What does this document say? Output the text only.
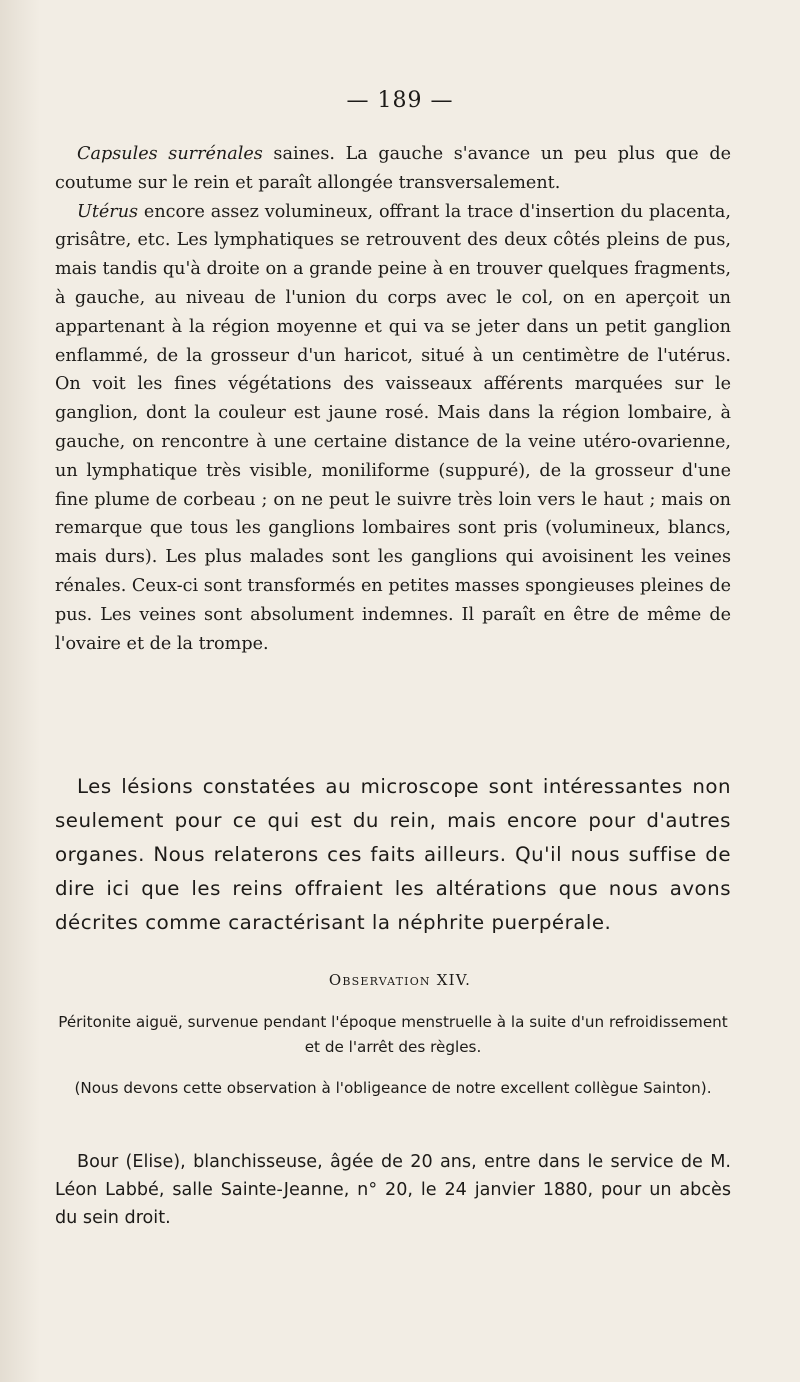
— 189 —

Capsules surrénales saines. La gauche s'avance un peu plus que de coutume sur le rein et paraît allongée transversalement.

Utérus encore assez volumineux, offrant la trace d'insertion du placenta, grisâtre, etc. Les lymphatiques se retrouvent des deux côtés pleins de pus, mais tandis qu'à droite on a grande peine à en trouver quelques fragments, à gauche, au niveau de l'union du corps avec le col, on en aperçoit un appartenant à la région moyenne et qui va se jeter dans un petit ganglion enflammé, de la grosseur d'un haricot, situé à un centimètre de l'utérus. On voit les fines végétations des vaisseaux afférents marquées sur le ganglion, dont la couleur est jaune rosé. Mais dans la région lombaire, à gauche, on rencontre à une certaine distance de la veine utéro-ovarienne, un lymphatique très visible, moniliforme (suppuré), de la grosseur d'une fine plume de corbeau ; on ne peut le suivre très loin vers le haut ; mais on remarque que tous les ganglions lombaires sont pris (volumineux, blancs, mais durs). Les plus malades sont les ganglions qui avoisinent les veines rénales. Ceux-ci sont transformés en petites masses spongieuses pleines de pus. Les veines sont absolument indemnes. Il paraît en être de même de l'ovaire et de la trompe.

Les lésions constatées au microscope sont intéressantes non seulement pour ce qui est du rein, mais encore pour d'autres organes. Nous relaterons ces faits ailleurs. Qu'il nous suffise de dire ici que les reins offraient les altérations que nous avons décrites comme caractérisant la néphrite puerpérale.

Observation XIV.

Péritonite aiguë, survenue pendant l'époque menstruelle à la suite d'un refroidissement et de l'arrêt des règles.

(Nous devons cette observation à l'obligeance de notre excellent collègue Sainton).

Bour (Elise), blanchisseuse, âgée de 20 ans, entre dans le service de M. Léon Labbé, salle Sainte-Jeanne, n° 20, le 24 janvier 1880, pour un abcès du sein droit.
